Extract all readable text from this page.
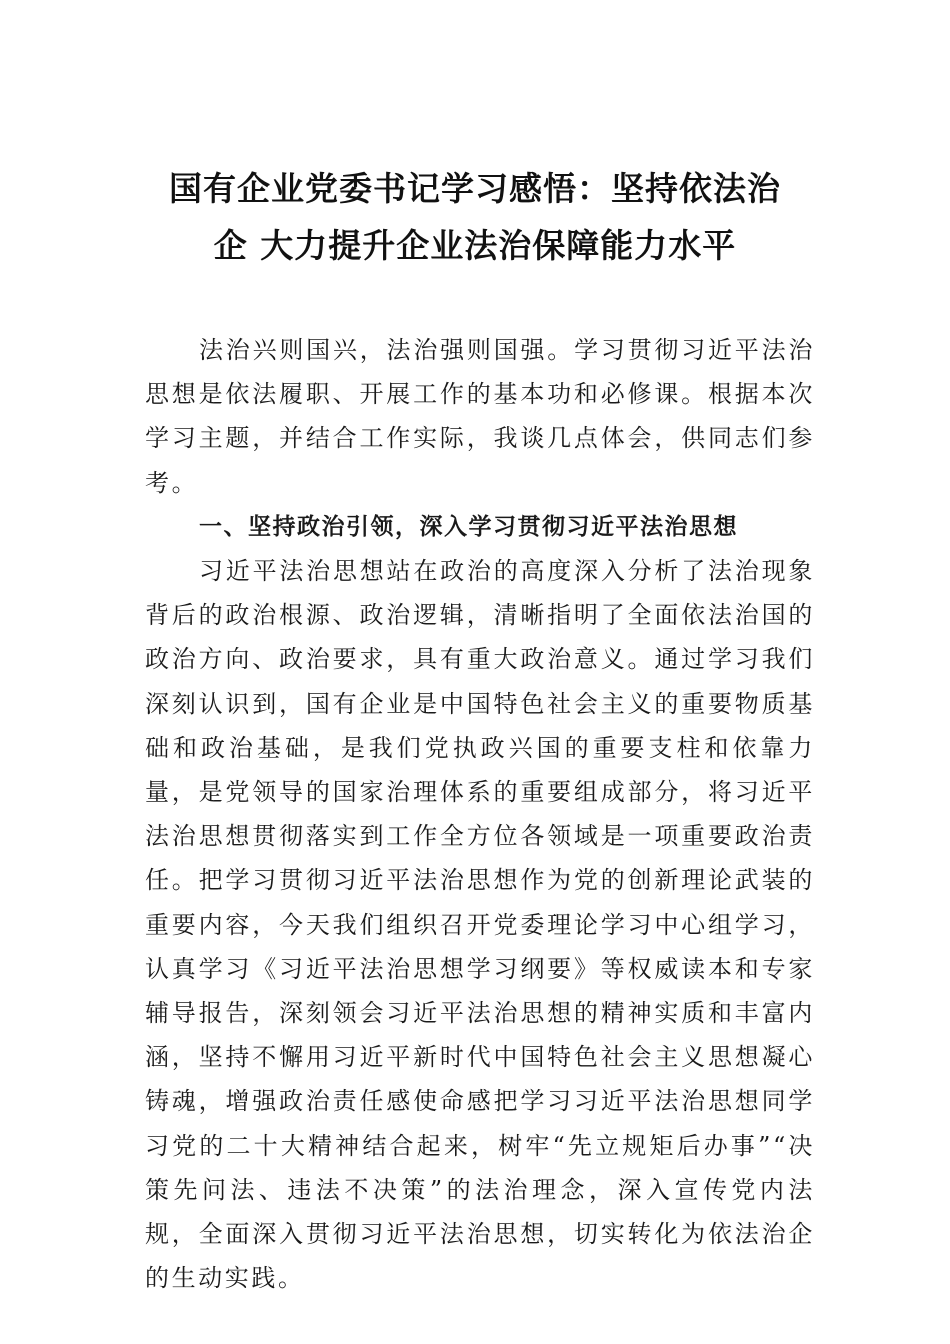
国有企业党委书记学习感悟：坚持依法治
企 大力提升企业法治保障能力水平

法治兴则国兴，法治强则国强。学习贯彻习近平法治思想是依法履职、开展工作的基本功和必修课。根据本次学习主题，并结合工作实际，我谈几点体会，供同志们参考。

一、坚持政治引领，深入学习贯彻习近平法治思想

习近平法治思想站在政治的高度深入分析了法治现象背后的政治根源、政治逻辑，清晰指明了全面依法治国的政治方向、政治要求，具有重大政治意义。通过学习我们深刻认识到，国有企业是中国特色社会主义的重要物质基础和政治基础，是我们党执政兴国的重要支柱和依靠力量，是党领导的国家治理体系的重要组成部分，将习近平法治思想贯彻落实到工作全方位各领域是一项重要政治责任。把学习贯彻习近平法治思想作为党的创新理论武装的重要内容，今天我们组织召开党委理论学习中心组学习，认真学习《习近平法治思想学习纲要》等权威读本和专家辅导报告，深刻领会习近平法治思想的精神实质和丰富内涵，坚持不懈用习近平新时代中国特色社会主义思想凝心铸魂，增强政治责任感使命感把学习习近平法治思想同学习党的二十大精神结合起来，树牢“先立规矩后办事”“决策先问法、违法不决策”的法治理念，深入宣传党内法规，全面深入贯彻习近平法治思想，切实转化为依法治企的生动实践。
